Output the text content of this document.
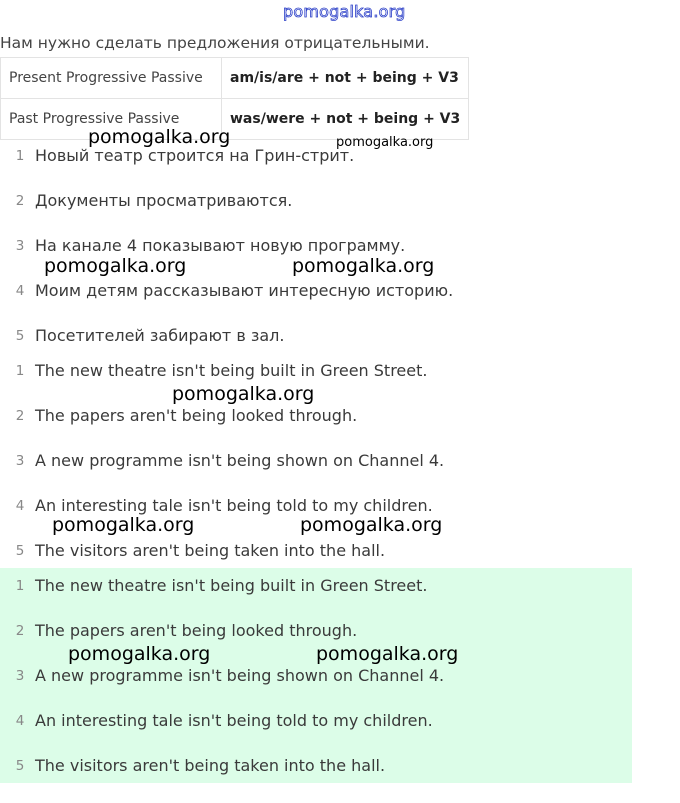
pomogalka.org
Нам нужно сделать предложения отрицательными.
Present Progressive Passive	am/is/are + not + being + V3
Past Progressive Passive	was/were + not + being + V3
1 Новый театр строится на Грин-стрит.
2 Документы просматриваются.
3 На канале 4 показывают новую программу.
4 Моим детям рассказывают интересную историю.
5 Посетителей забирают в зал.
1 The new theatre isn't being built in Green Street.
2 The papers aren't being looked through.
3 A new programme isn't being shown on Channel 4.
4 An interesting tale isn't being told to my children.
5 The visitors aren't being taken into the hall.
1 The new theatre isn't being built in Green Street.
2 The papers aren't being looked through.
3 A new programme isn't being shown on Channel 4.
4 An interesting tale isn't being told to my children.
5 The visitors aren't being taken into the hall.
pomogalka.org	pomogalka.org
pomogalka.org	pomogalka.org
pomogalka.org
pomogalka.org	pomogalka.org
pomogalka.org	pomogalka.org
